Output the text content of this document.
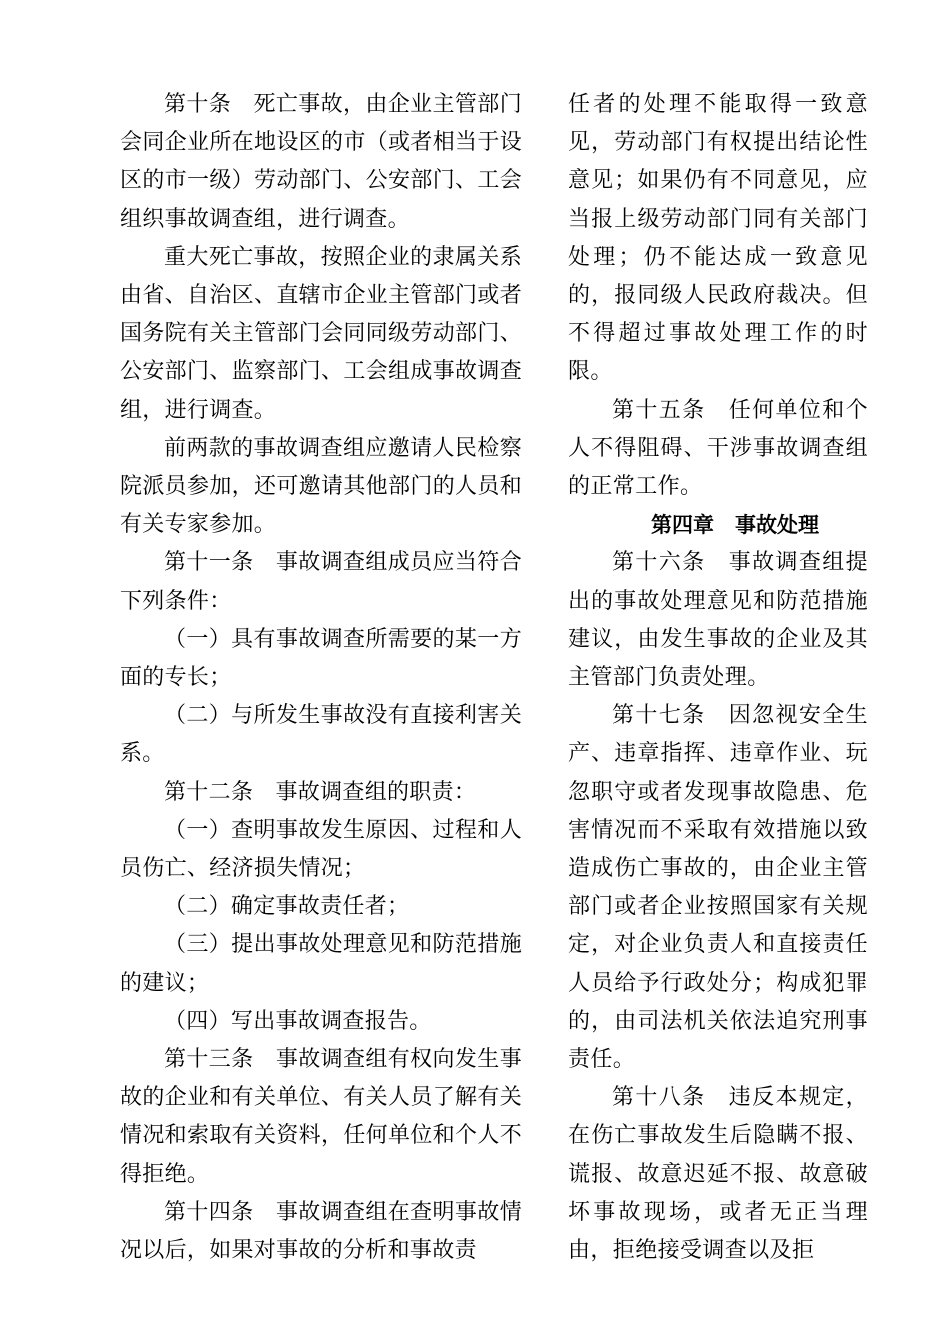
第十条　死亡事故，由企业主管部门会同企业所在地设区的市（或者相当于设区的市一级）劳动部门、公安部门、工会组织事故调查组，进行调查。

重大死亡事故，按照企业的隶属关系由省、自治区、直辖市企业主管部门或者国务院有关主管部门会同同级劳动部门、公安部门、监察部门、工会组成事故调查组，进行调查。

前两款的事故调查组应邀请人民检察院派员参加，还可邀请其他部门的人员和有关专家参加。

第十一条　事故调查组成员应当符合下列条件：

（一）具有事故调查所需要的某一方面的专长；

（二）与所发生事故没有直接利害关系。

第十二条　事故调查组的职责：

（一）查明事故发生原因、过程和人员伤亡、经济损失情况；

（二）确定事故责任者；

（三）提出事故处理意见和防范措施的建议；

（四）写出事故调查报告。

第十三条　事故调查组有权向发生事故的企业和有关单位、有关人员了解有关情况和索取有关资料，任何单位和个人不得拒绝。

第十四条　事故调查组在查明事故情况以后，如果对事故的分析和事故责

任者的处理不能取得一致意见，劳动部门有权提出结论性意见；如果仍有不同意见，应当报上级劳动部门同有关部门处理；仍不能达成一致意见的，报同级人民政府裁决。但不得超过事故处理工作的时限。

第十五条　任何单位和个人不得阻碍、干涉事故调查组的正常工作。

第四章　事故处理

第十六条　事故调查组提出的事故处理意见和防范措施建议，由发生事故的企业及其主管部门负责处理。

第十七条　因忽视安全生产、违章指挥、违章作业、玩忽职守或者发现事故隐患、危害情况而不采取有效措施以致造成伤亡事故的，由企业主管部门或者企业按照国家有关规定，对企业负责人和直接责任人员给予行政处分；构成犯罪的，由司法机关依法追究刑事责任。

第十八条　违反本规定，在伤亡事故发生后隐瞒不报、谎报、故意迟延不报、故意破坏事故现场，或者无正当理由，拒绝接受调查以及拒
